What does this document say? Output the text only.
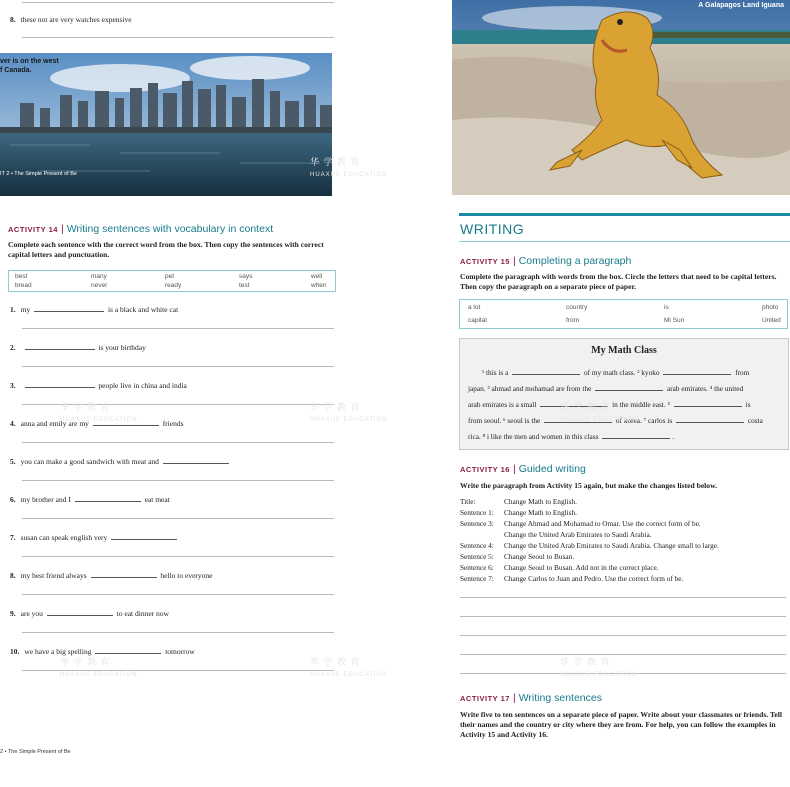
8. these not are very watches expensive
ver is on the west
f Canada.
IT 2 • The Simple Present of Be
ACTIVITY 14 | Writing sentences with vocabulary in context
Complete each sentence with the correct word from the box. Then copy the sentences with correct capital letters and punctuation.
best	many	pet	says	well
bread	never	ready	test	when
1. my	is a black and white cat
2.	is your birthday
3.	people live in china and india
4. anna and emily are my	friends
5. you can make a good sandwich with meat and
6. my brother and I	eat meat
7. susan can speak english very
8. my best friend always	hello to everyone
9. are you	to eat dinner now
10. we have a big spelling	tomorrow
2 • The Simple Present of Be
A Galapagos Land Iguana
WRITING
ACTIVITY 15 | Completing a paragraph
Complete the paragraph with words from the box. Circle the letters that need to be capital letters. Then copy the paragraph on a separate piece of paper.
a lot	country	is	photo
capital	from	Mi Sun	United
My Math Class
¹ this is a	of my math class. ² kyoko	from
japan. ³ ahmad and mohamad are from the	arab emirates. ⁴ the united
arab emirates is a small	in the middle east. ⁵	is
from seoul. ⁶ seoul is the	of korea. ⁷ carlos is	costa
rica. ⁸ i like the men and women in this class	.
ACTIVITY 16 | Guided writing
Write the paragraph from Activity 15 again, but make the changes listed below.
Title:	Change Math to English.
Sentence 1: Change Math to English.
Sentence 3: Change Ahmad and Mohamad to Omar. Use the correct form of be.
Change the United Arab Emirates to Saudi Arabia.
Sentence 4: Change the United Arab Emirates to Saudi Arabia. Change small to large.
Sentence 5: Change Seoul to Busan.
Sentence 6: Change Seoul to Busan. Add not in the correct place.
Sentence 7: Change Carlos to Juan and Pedro. Use the correct form of be.
ACTIVITY 17 | Writing sentences
Write five to ten sentences on a separate piece of paper. Write about your classmates or friends. Tell their names and the country or city where they are from. For help, you can follow the examples in Activity 15 and Activity 16.
华 学 教 育
HUAXUE EDUCATION
华 学 教 育
HUAXUE EDUCATION
华 学 教 育
HUAXUE EDUCATION
华 学 教 育
HUAXUE EDUCATION
华 学 教 育
HUAXUE EDUCATION
华 学 教 育
HUAXUE EDUCATION
华 学 教 育
HUAXUE EDUCATION
